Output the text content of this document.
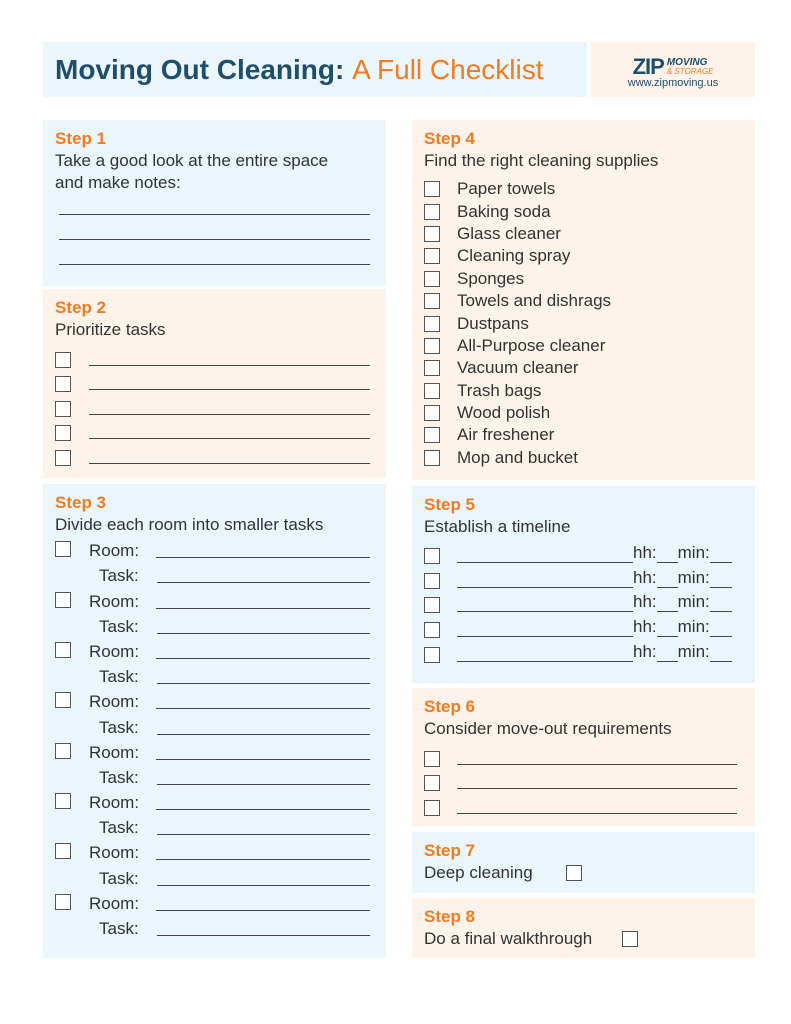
Moving Out Cleaning: A Full Checklist	ZIP MOVING
& STORAGE
www.zipmoving.us
Step 1
Take a good look at the entire space and make notes:
Step 2
Prioritize tasks
Step 3
Divide each room into smaller tasks
Room:
Task:
Room:
Task:
Room:
Task:
Room:
Task:
Room:
Task:
Room:
Task:
Room:
Task:
Room:
Task:
Step 4
Find the right cleaning supplies
Paper towels
Baking soda
Glass cleaner
Cleaning spray
Sponges
Towels and dishrags
Dustpans
All-Purpose cleaner
Vacuum cleaner
Trash bags
Wood polish
Air freshener
Mop and bucket
Step 5
Establish a timeline
hh: min:
hh: min:
hh: min:
hh: min:
hh: min:
Step 6
Consider move-out requirements
Step 7
Deep cleaning
Step 8
Do a final walkthrough
